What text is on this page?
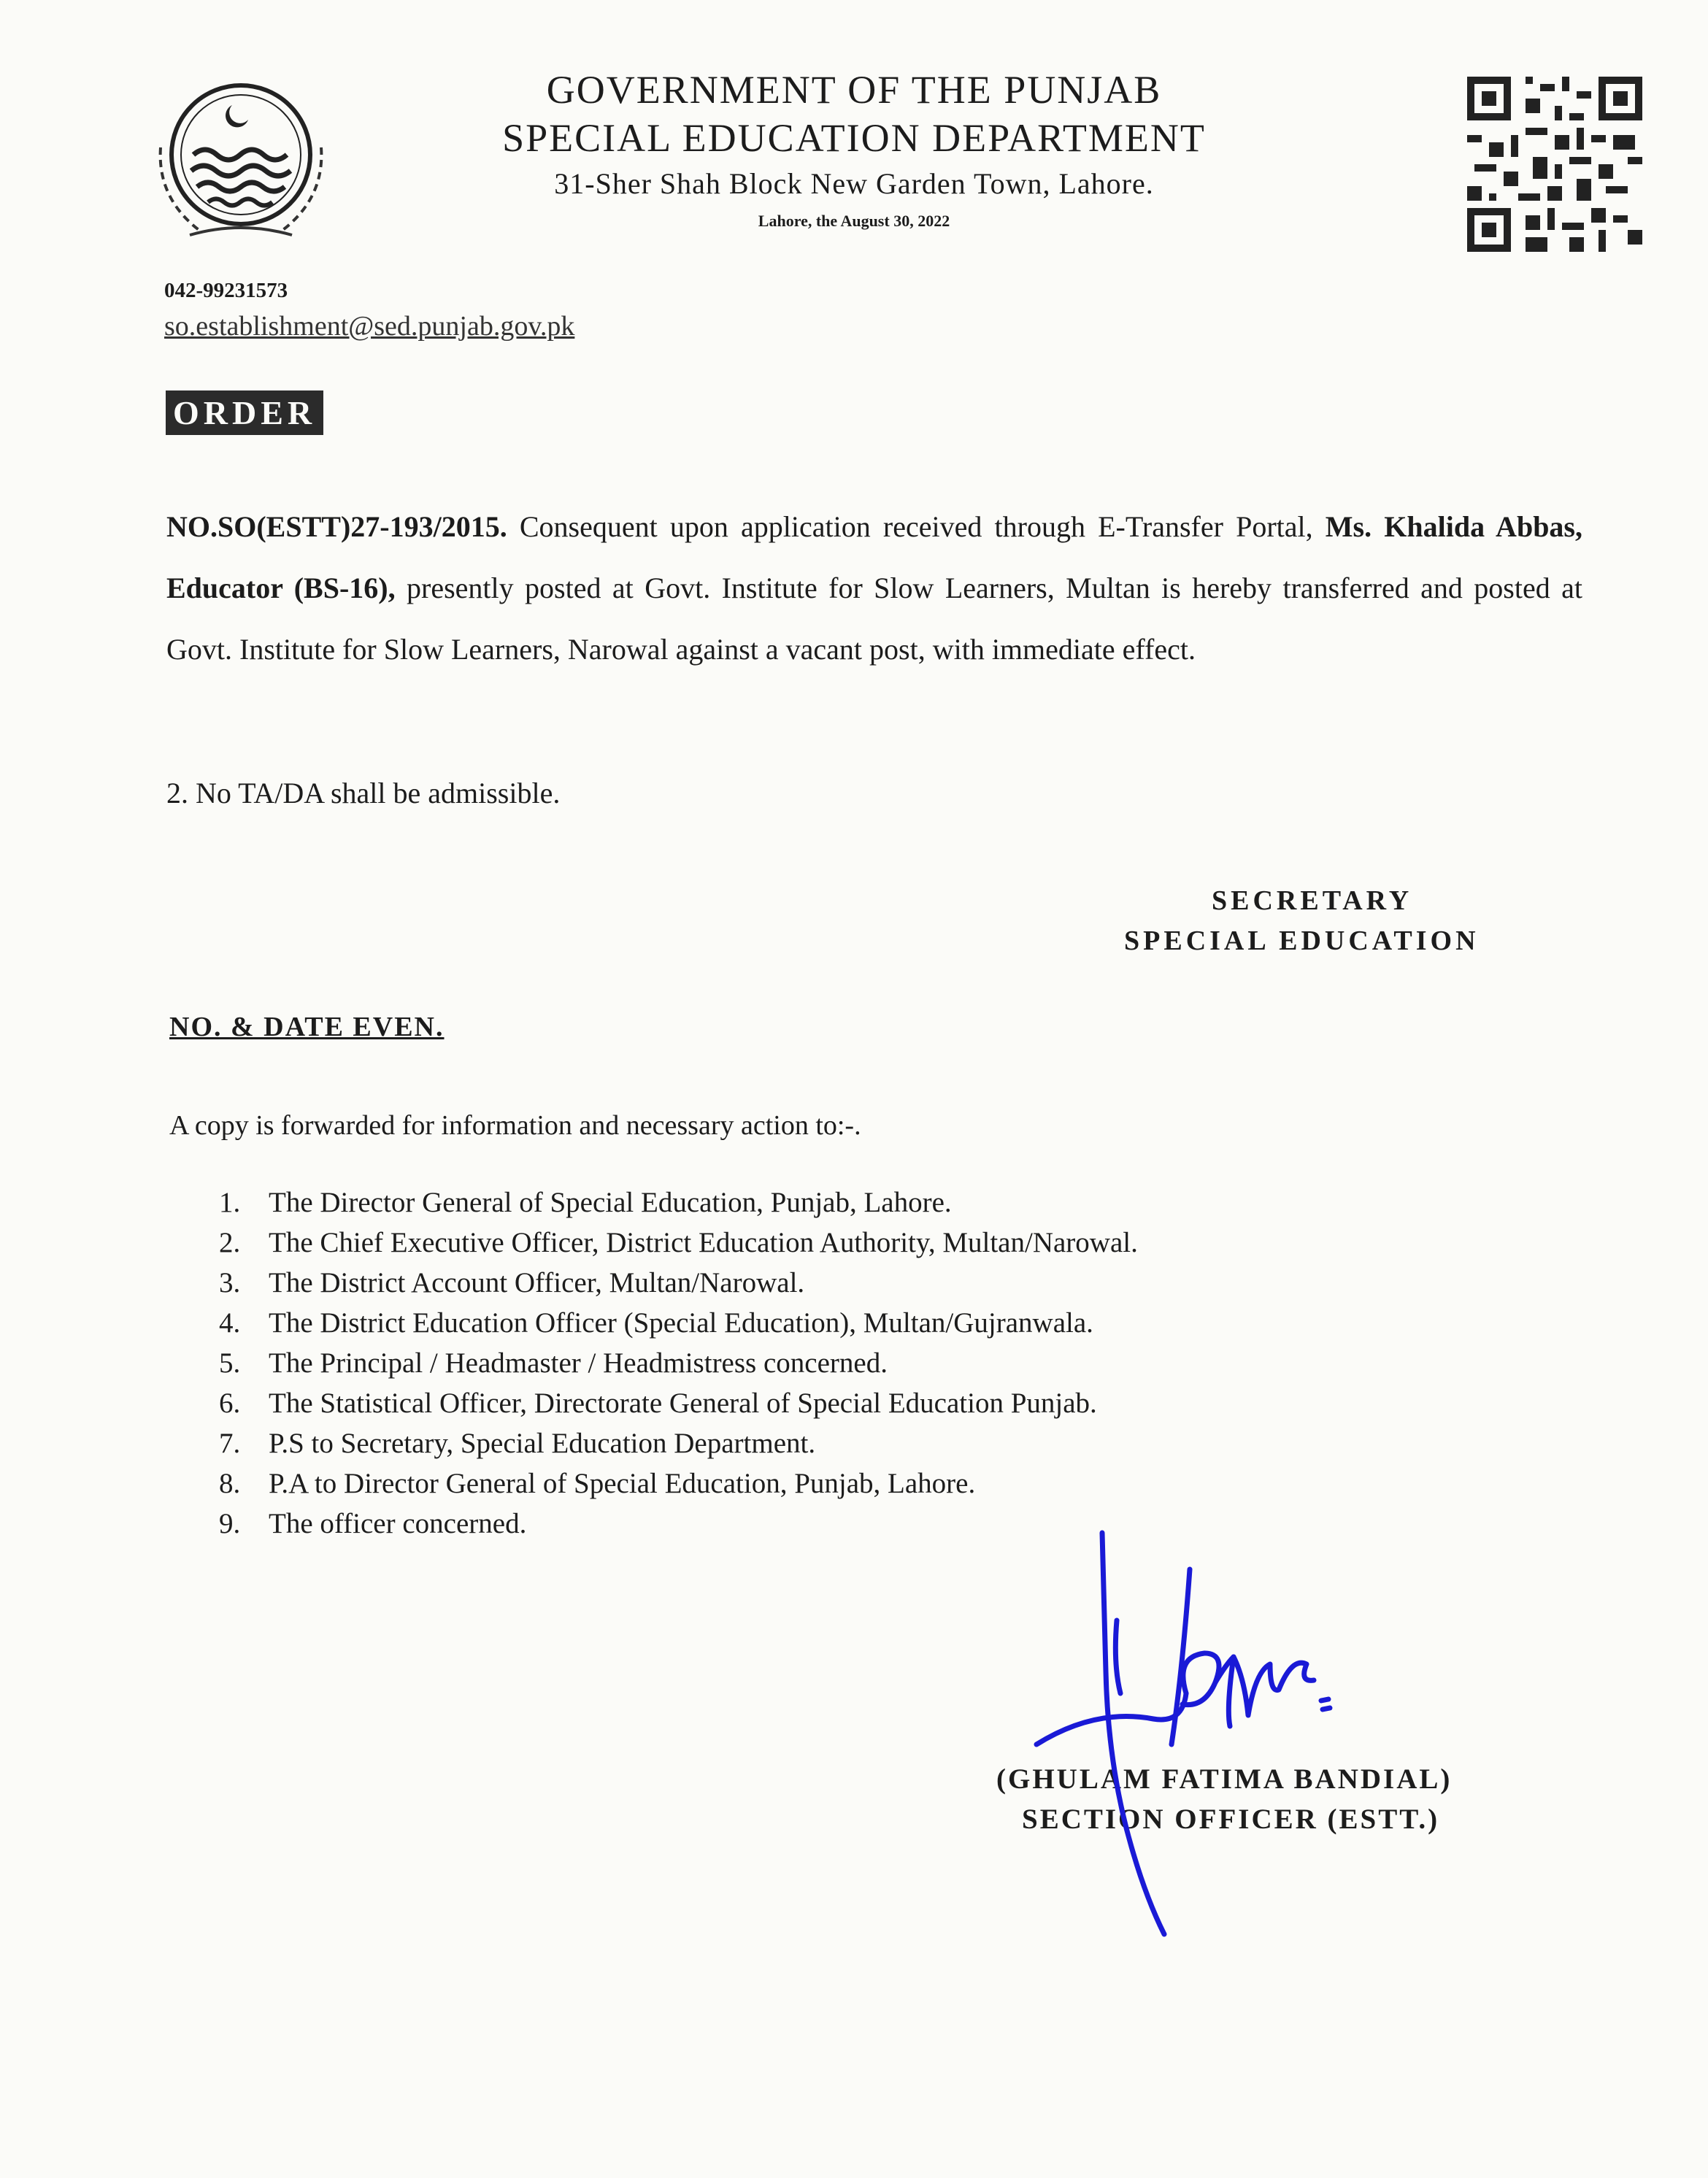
GOVERNMENT OF THE PUNJAB
SPECIAL EDUCATION DEPARTMENT
31-Sher Shah Block New Garden Town, Lahore.
Lahore, the August 30, 2022
042-99231573
so.establishment@sed.punjab.gov.pk
ORDER
NO.SO(ESTT)27-193/2015. Consequent upon application received through E-Transfer Portal, Ms. Khalida Abbas, Educator (BS-16), presently posted at Govt. Institute for Slow Learners, Multan is hereby transferred and posted at Govt. Institute for Slow Learners, Narowal against a vacant post, with immediate effect.
2. No TA/DA shall be admissible.
SECRETARY
SPECIAL EDUCATION
NO. & DATE EVEN.
A copy is forwarded for information and necessary action to:-.
1. The Director General of Special Education, Punjab, Lahore.
2. The Chief Executive Officer, District Education Authority, Multan/Narowal.
3. The District Account Officer, Multan/Narowal.
4. The District Education Officer (Special Education), Multan/Gujranwala.
5. The Principal / Headmaster / Headmistress concerned.
6. The Statistical Officer, Directorate General of Special Education Punjab.
7. P.S to Secretary, Special Education Department.
8. P.A to Director General of Special Education, Punjab, Lahore.
9. The officer concerned.
(GHULAM FATIMA BANDIAL)
SECTION OFFICER (ESTT.)
